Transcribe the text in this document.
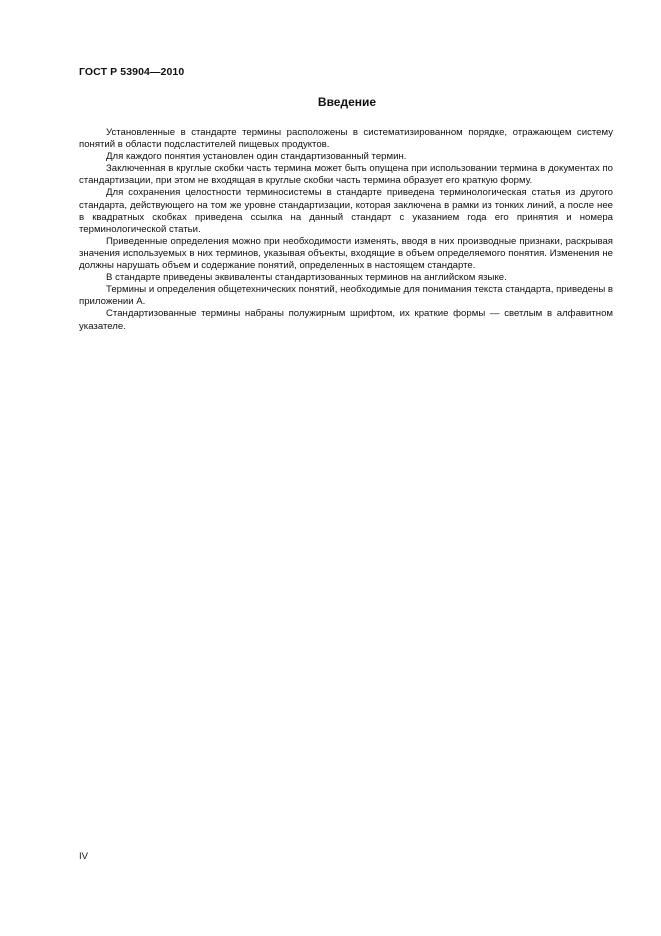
ГОСТ Р 53904—2010
Введение

Установленные в стандарте термины расположены в систематизированном порядке, отражающем систему понятий в области подсластителей пищевых продуктов.

Для каждого понятия установлен один стандартизованный термин.

Заключенная в круглые скобки часть термина может быть опущена при использовании термина в документах по стандартизации, при этом не входящая в круглые скобки часть термина образует его краткую форму.

Для сохранения целостности терминосистемы в стандарте приведена терминологическая статья из другого стандарта, действующего на том же уровне стандартизации, которая заключена в рамки из тонких линий, а после нее в квадратных скобках приведена ссылка на данный стандарт с указанием года его принятия и номера терминологической статьи.

Приведенные определения можно при необходимости изменять, вводя в них производные признаки, раскрывая значения используемых в них терминов, указывая объекты, входящие в объем определяемого понятия. Изменения не должны нарушать объем и содержание понятий, определенных в настоящем стандарте.

В стандарте приведены эквиваленты стандартизованных терминов на английском языке.

Термины и определения общетехнических понятий, необходимые для понимания текста стандарта, приведены в приложении А.

Стандартизованные термины набраны полужирным шрифтом, их краткие формы — светлым в алфавитном указателе.

IV
